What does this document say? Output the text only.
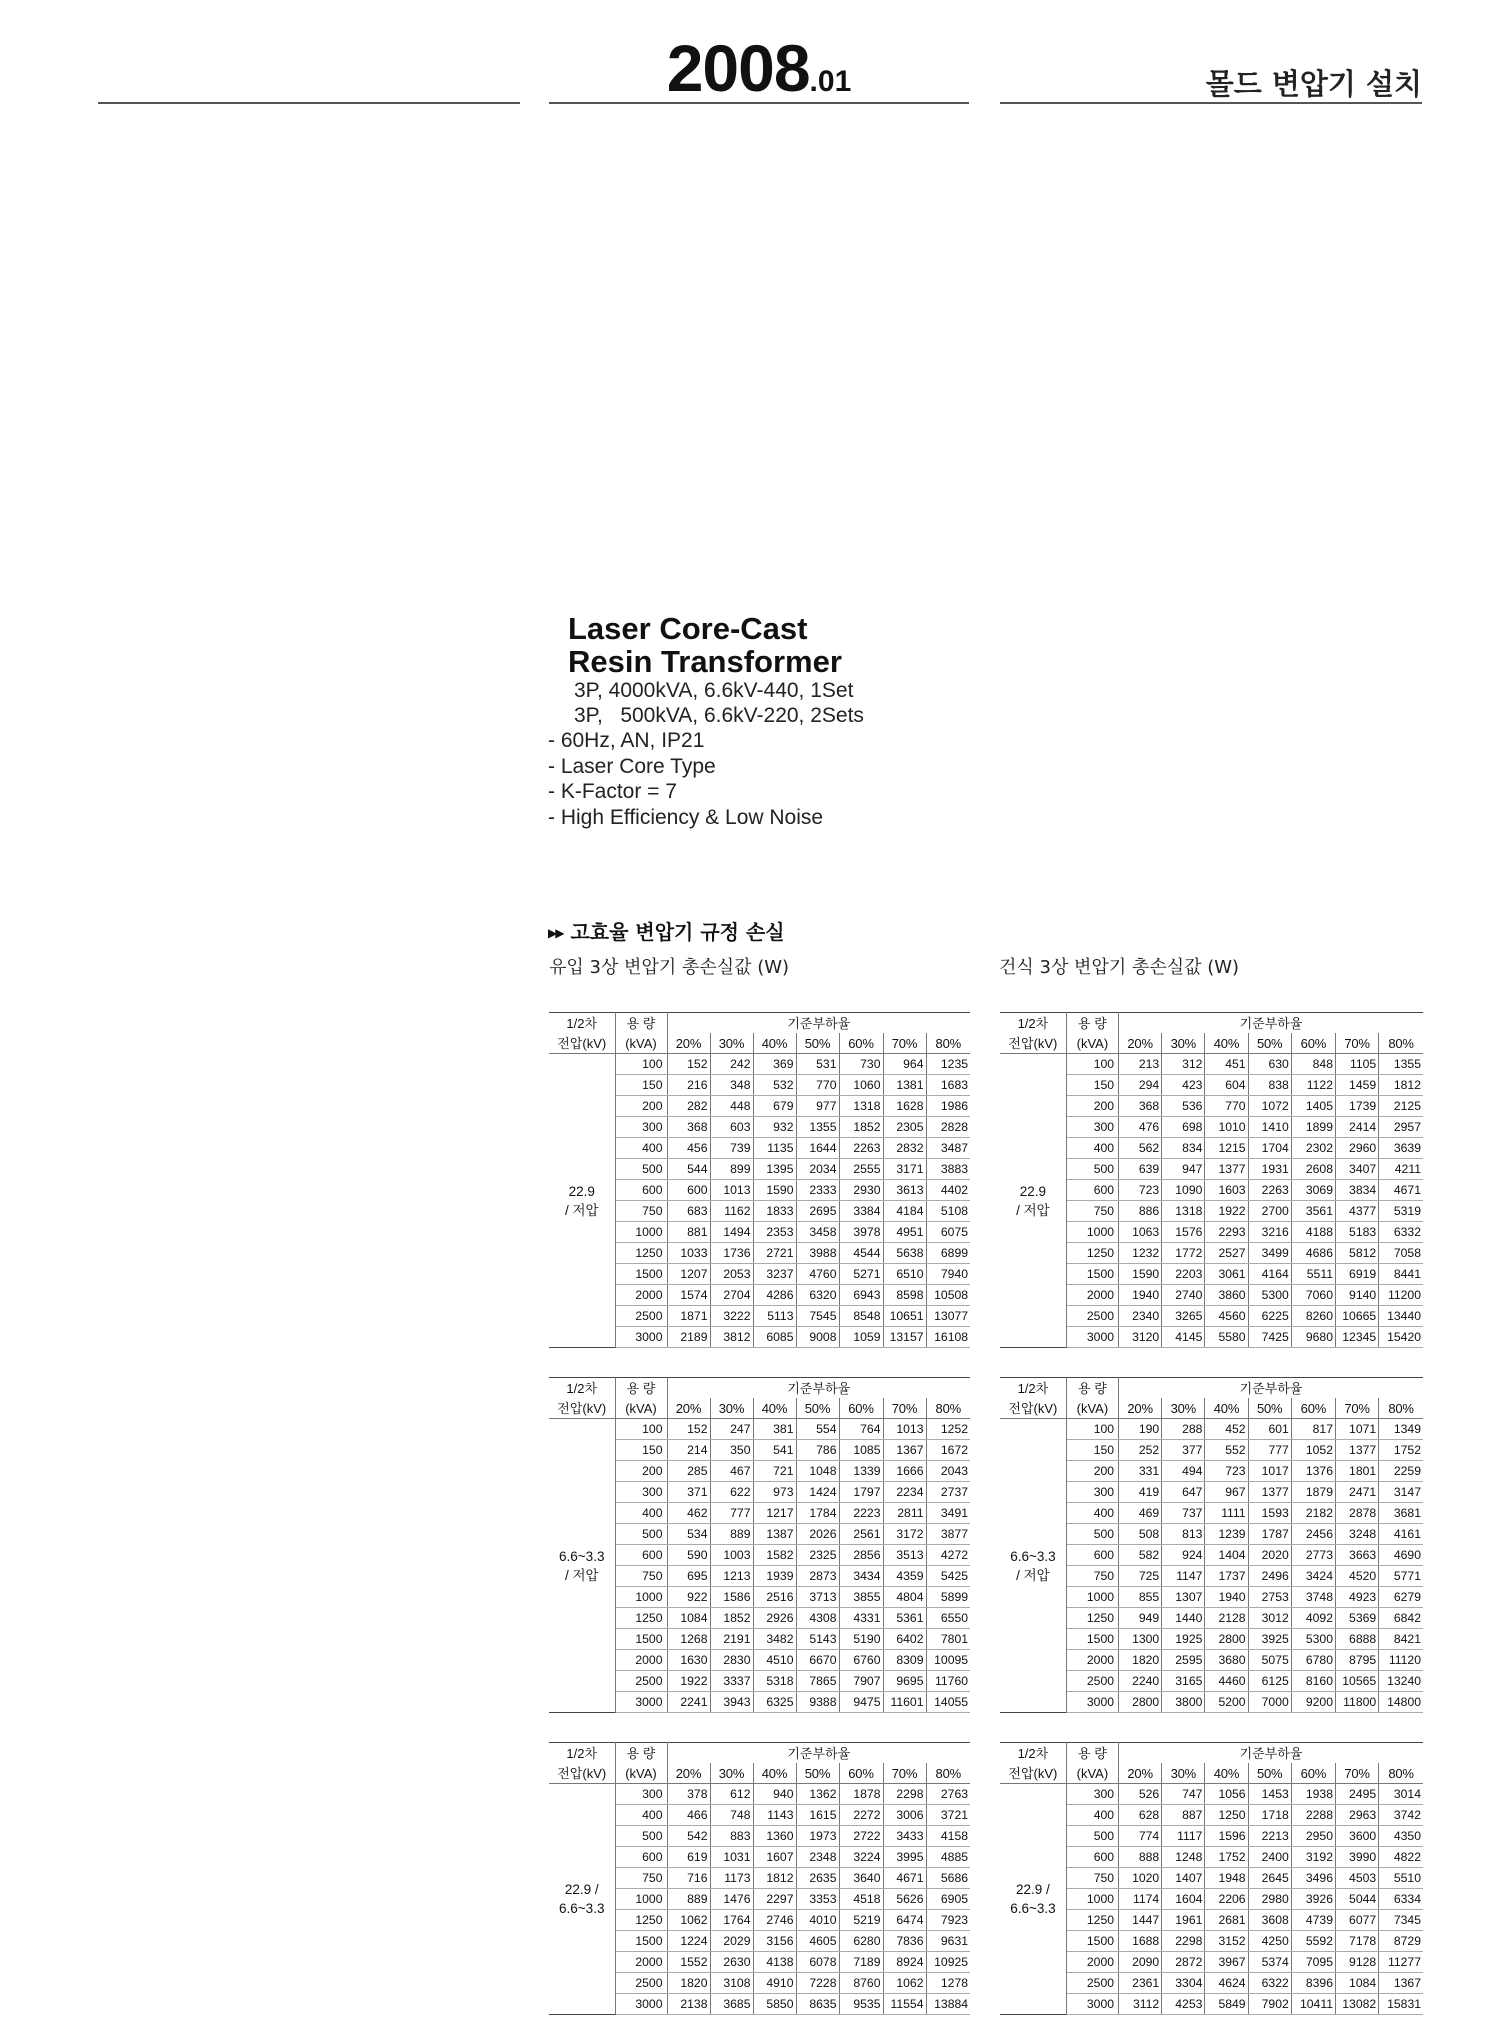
2008.01	몰드 변압기 설치
Laser Core-Cast
Resin Transformer
3P, 4000kVA, 6.6kV-440, 1Set
3P,   500kVA, 6.6kV-220, 2Sets
- 60Hz, AN, IP21
- Laser Core Type
- K-Factor = 7
- High Efficiency & Low Noise
▶▶ 고효율 변압기 규정 손실
유입 3상 변압기 총손실값 (W)	건식 3상 변압기 총손실값 (W)
1/2차	용 량	기준부하율						
전압(kV)	(kVA)	20%	30%	40%	50%	60%	70%	80%
22.9
/ 저압	100	152	242	369	531	730	964	1235
	150	216	348	532	770	1060	1381	1683
	200	282	448	679	977	1318	1628	1986
	300	368	603	932	1355	1852	2305	2828
	400	456	739	1135	1644	2263	2832	3487
	500	544	899	1395	2034	2555	3171	3883
	600	600	1013	1590	2333	2930	3613	4402
	750	683	1162	1833	2695	3384	4184	5108
	1000	881	1494	2353	3458	3978	4951	6075
	1250	1033	1736	2721	3988	4544	5638	6899
	1500	1207	2053	3237	4760	5271	6510	7940
	2000	1574	2704	4286	6320	6943	8598	10508
	2500	1871	3222	5113	7545	8548	10651	13077
	3000	2189	3812	6085	9008	1059	13157	16108
1/2차	용 량	기준부하율						
전압(kV)	(kVA)	20%	30%	40%	50%	60%	70%	80%
22.9
/ 저압	100	213	312	451	630	848	1105	1355
	150	294	423	604	838	1122	1459	1812
	200	368	536	770	1072	1405	1739	2125
	300	476	698	1010	1410	1899	2414	2957
	400	562	834	1215	1704	2302	2960	3639
	500	639	947	1377	1931	2608	3407	4211
	600	723	1090	1603	2263	3069	3834	4671
	750	886	1318	1922	2700	3561	4377	5319
	1000	1063	1576	2293	3216	4188	5183	6332
	1250	1232	1772	2527	3499	4686	5812	7058
	1500	1590	2203	3061	4164	5511	6919	8441
	2000	1940	2740	3860	5300	7060	9140	11200
	2500	2340	3265	4560	6225	8260	10665	13440
	3000	3120	4145	5580	7425	9680	12345	15420
1/2차	용 량	기준부하율						
전압(kV)	(kVA)	20%	30%	40%	50%	60%	70%	80%
6.6~3.3
/ 저압	100	152	247	381	554	764	1013	1252
	150	214	350	541	786	1085	1367	1672
	200	285	467	721	1048	1339	1666	2043
	300	371	622	973	1424	1797	2234	2737
	400	462	777	1217	1784	2223	2811	3491
	500	534	889	1387	2026	2561	3172	3877
	600	590	1003	1582	2325	2856	3513	4272
	750	695	1213	1939	2873	3434	4359	5425
	1000	922	1586	2516	3713	3855	4804	5899
	1250	1084	1852	2926	4308	4331	5361	6550
	1500	1268	2191	3482	5143	5190	6402	7801
	2000	1630	2830	4510	6670	6760	8309	10095
	2500	1922	3337	5318	7865	7907	9695	11760
	3000	2241	3943	6325	9388	9475	11601	14055
1/2차	용 량	기준부하율						
전압(kV)	(kVA)	20%	30%	40%	50%	60%	70%	80%
6.6~3.3
/ 저압	100	190	288	452	601	817	1071	1349
	150	252	377	552	777	1052	1377	1752
	200	331	494	723	1017	1376	1801	2259
	300	419	647	967	1377	1879	2471	3147
	400	469	737	1111	1593	2182	2878	3681
	500	508	813	1239	1787	2456	3248	4161
	600	582	924	1404	2020	2773	3663	4690
	750	725	1147	1737	2496	3424	4520	5771
	1000	855	1307	1940	2753	3748	4923	6279
	1250	949	1440	2128	3012	4092	5369	6842
	1500	1300	1925	2800	3925	5300	6888	8421
	2000	1820	2595	3680	5075	6780	8795	11120
	2500	2240	3165	4460	6125	8160	10565	13240
	3000	2800	3800	5200	7000	9200	11800	14800
1/2차	용 량	기준부하율						
전압(kV)	(kVA)	20%	30%	40%	50%	60%	70%	80%
22.9 /
6.6~3.3	300	378	612	940	1362	1878	2298	2763
	400	466	748	1143	1615	2272	3006	3721
	500	542	883	1360	1973	2722	3433	4158
	600	619	1031	1607	2348	3224	3995	4885
	750	716	1173	1812	2635	3640	4671	5686
	1000	889	1476	2297	3353	4518	5626	6905
	1250	1062	1764	2746	4010	5219	6474	7923
	1500	1224	2029	3156	4605	6280	7836	9631
	2000	1552	2630	4138	6078	7189	8924	10925
	2500	1820	3108	4910	7228	8760	1062	1278
	3000	2138	3685	5850	8635	9535	11554	13884
1/2차	용 량	기준부하율						
전압(kV)	(kVA)	20%	30%	40%	50%	60%	70%	80%
22.9 /
6.6~3.3	300	526	747	1056	1453	1938	2495	3014
	400	628	887	1250	1718	2288	2963	3742
	500	774	1117	1596	2213	2950	3600	4350
	600	888	1248	1752	2400	3192	3990	4822
	750	1020	1407	1948	2645	3496	4503	5510
	1000	1174	1604	2206	2980	3926	5044	6334
	1250	1447	1961	2681	3608	4739	6077	7345
	1500	1688	2298	3152	4250	5592	7178	8729
	2000	2090	2872	3967	5374	7095	9128	11277
	2500	2361	3304	4624	6322	8396	1084	1367
	3000	3112	4253	5849	7902	10411	13082	15831
